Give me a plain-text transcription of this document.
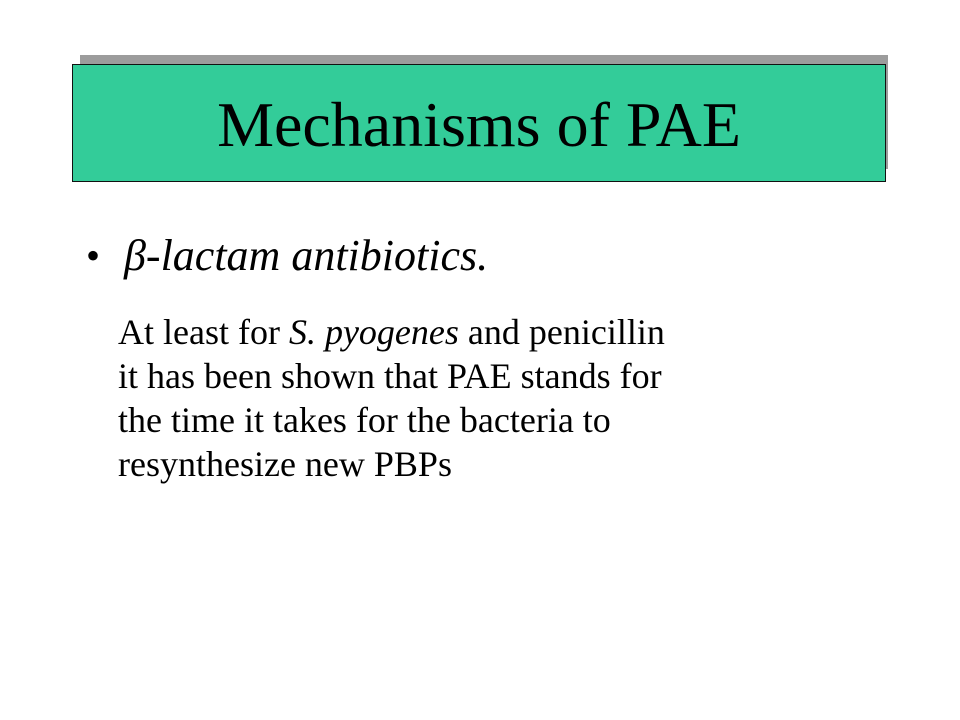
Mechanisms of PAE
• β-lactam antibiotics.

At least for S. pyogenes and penicillin
it has been shown that PAE stands for
the time it takes for the bacteria to
resynthesize new PBPs
